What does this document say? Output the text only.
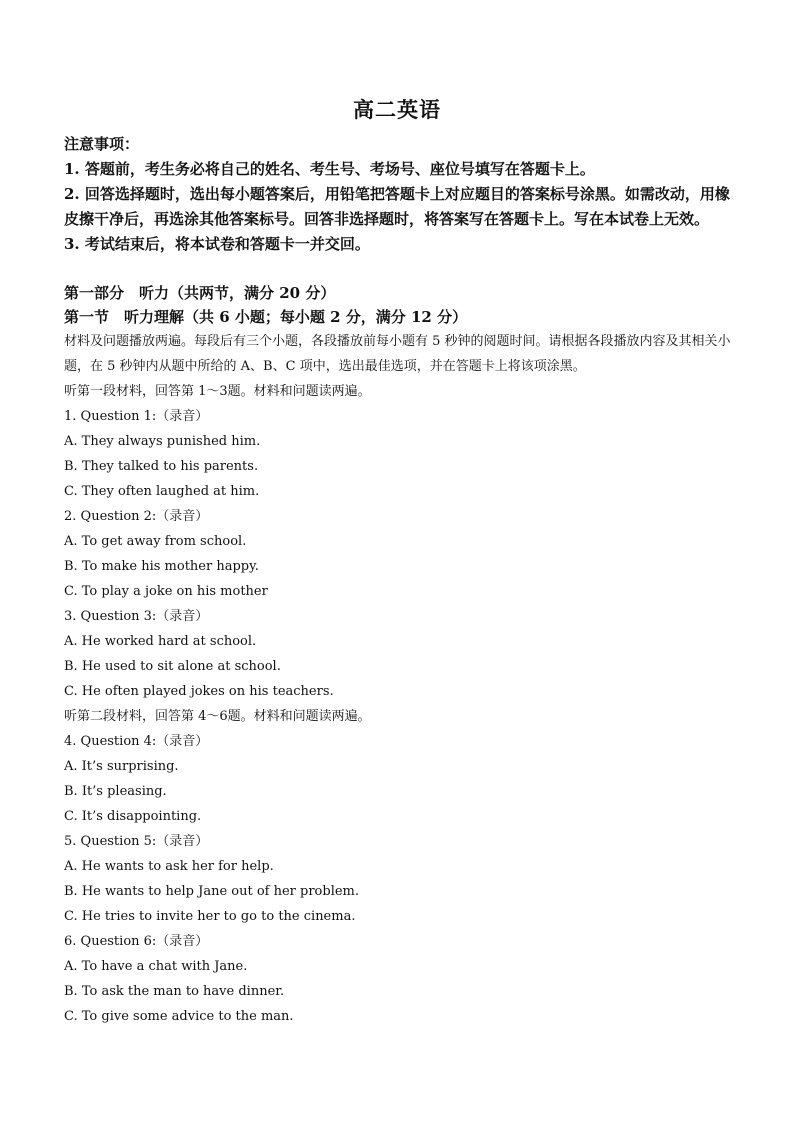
高二英语

注意事项：

1. 答题前，考生务必将自己的姓名、考生号、考场号、座位号填写在答题卡上。

2. 回答选择题时，选出每小题答案后，用铅笔把答题卡上对应题目的答案标号涂黑。如需改动，用橡皮擦干净后，再选涂其他答案标号。回答非选择题时，将答案写在答题卡上。写在本试卷上无效。

3. 考试结束后，将本试卷和答题卡一并交回。

第一部分　听力（共两节，满分 20 分）
第一节　听力理解（共 6 小题；每小题 2 分，满分 12 分）

材料及问题播放两遍。每段后有三个小题，各段播放前每小题有 5 秒钟的阅题时间。请根据各段播放内容及其相关小题，在 5 秒钟内从题中所给的 A、B、C 项中，选出最佳选项，并在答题卡上将该项涂黑。

听第一段材料，回答第 1～3题。材料和问题读两遍。

1. Question 1:（录音）
A. They always punished him.
B. They talked to his parents.
C. They often laughed at him.
2. Question 2:（录音）
A. To get away from school.
B. To make his mother happy.
C. To play a joke on his mother
3. Question 3:（录音）
A. He worked hard at school.
B. He used to sit alone at school.
C. He often played jokes on his teachers.

听第二段材料，回答第 4～6题。材料和问题读两遍。

4. Question 4:（录音）
A. It’s surprising.
B. It’s pleasing.
C. It’s disappointing.
5. Question 5:（录音）
A. He wants to ask her for help.
B. He wants to help Jane out of her problem.
C. He tries to invite her to go to the cinema.
6. Question 6:（录音）
A. To have a chat with Jane.
B. To ask the man to have dinner.
C. To give some advice to the man.
